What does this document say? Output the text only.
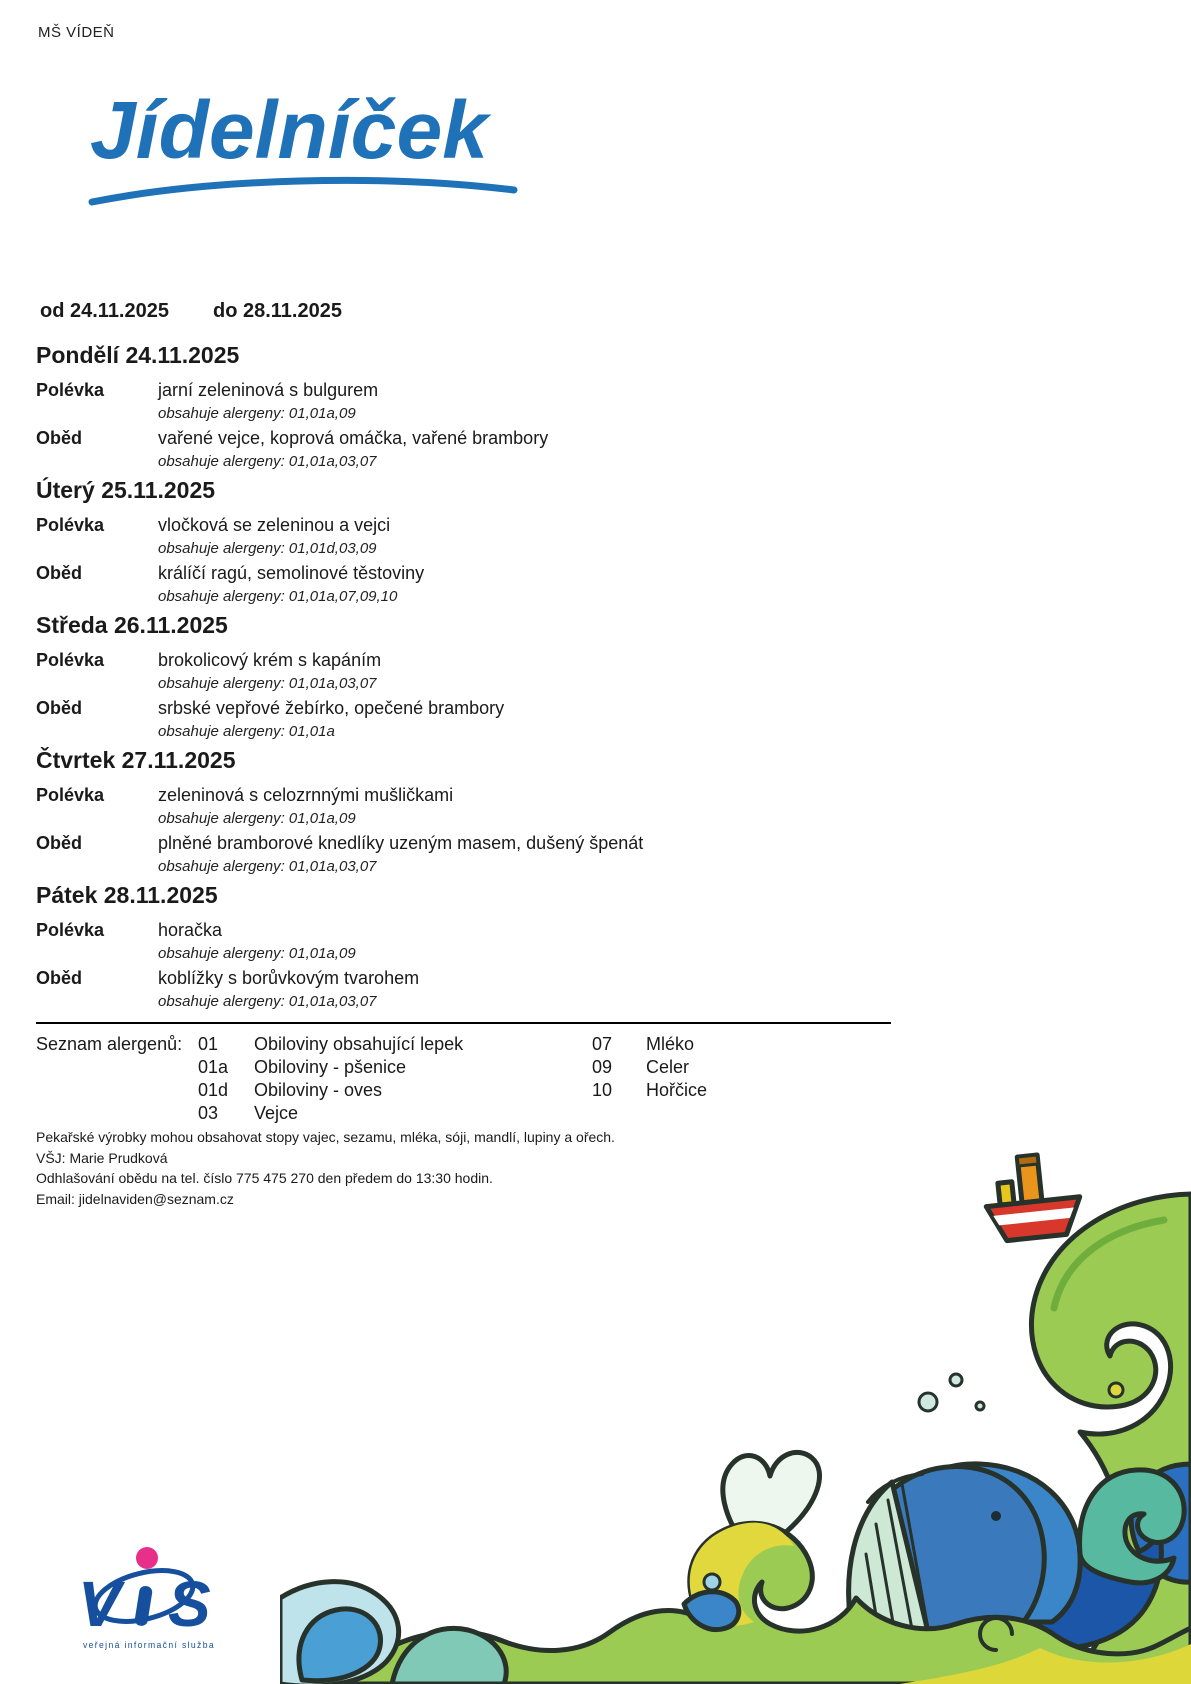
MŠ VÍDEŇ
Jídelníček
od 24.11.2025 do 28.11.2025
Pondělí 24.11.2025
Polévka	jarní zeleninová s bulgurem
obsahuje alergeny: 01,01a,09
Oběd	vařené vejce, koprová omáčka, vařené brambory
obsahuje alergeny: 01,01a,03,07
Úterý 25.11.2025
Polévka	vločková se zeleninou a vejci
obsahuje alergeny: 01,01d,03,09
Oběd	králíčí ragú, semolinové těstoviny
obsahuje alergeny: 01,01a,07,09,10
Středa 26.11.2025
Polévka	brokolicový krém s kapáním
obsahuje alergeny: 01,01a,03,07
Oběd	srbské vepřové žebírko, opečené brambory
obsahuje alergeny: 01,01a
Čtvrtek 27.11.2025
Polévka	zeleninová s celozrnnými mušličkami
obsahuje alergeny: 01,01a,09
Oběd	plněné bramborové knedlíky uzeným masem, dušený špenát
obsahuje alergeny: 01,01a,03,07
Pátek 28.11.2025
Polévka	horačka
obsahuje alergeny: 01,01a,09
Oběd	koblížky s borůvkovým tvarohem
obsahuje alergeny: 01,01a,03,07
Seznam alergenů: 01	Obiloviny obsahující lepek	07	Mléko
01a	Obiloviny - pšenice	09	Celer
01d	Obiloviny - oves	10	Hořčice
03	Vejce
Pekařské výrobky mohou obsahovat stopy vajec, sezamu, mléka, sóji, mandlí, lupiny a ořech.
VŠJ: Marie Prudková
Odhlašování obědu na tel. číslo 775 475 270 den předem do 13:30 hodin.
Email: jidelnaviden@seznam.cz
V S
veřejná informační služba
